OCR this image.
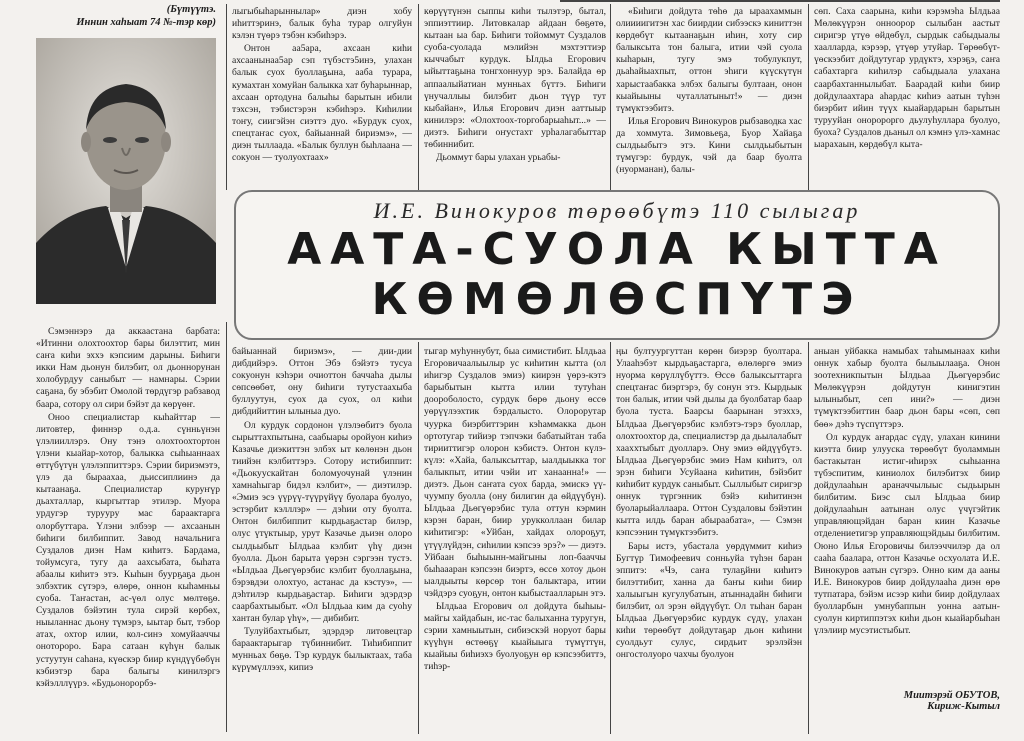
(Бүтүүтэ.
Иннин хаһыат 74 №-тэр көр)

лыгыбыһарыннылар» диэн хобу иһиттэринэ, балык буһа турар олгуйун кэлэн түөрэ тэбэн кэбиһэрэ.

Онтон аа5ара, ахсаан киһи ахсаанынаа5ар сэп түбэстэ5инэ, улахан балык суох буоллаҕына, ааба турара, кумахтан хомуйан балыкка хат буһарыннар, ахсаан ортодуна балыһы барытын ибили тэхсэн, тэбистэрэн кэбиһэрэ. Киһилии тоҥу, сиигэйэн сиэттэ дуо. «Бурдук суох, спецтаҥас суох, байыаннай бириэмэ», — диэн тыллаада. «Балык буллун быһлаана — сокуон — туолуохтаах»

көрүүтүнэн сыппы киһи тылэтэр, бытал, эппиэттиир. Литовкалар айдаан бөҕөтө, кытаан ыа бар. Биһиги тойоммут Суздалов суоба-суолада мэлийэн мэхтэттиэр кыччабыт курдук. Ылдьа Егорович ыйыттаҕына тонгхоннуур эрэ. Балайда өр аппаалыйатиан мунньах бүттэ. Биһиги үнучаллыы билэбит дьон түүр тут кыбайан», Илья Егорович диэн ааттыыр кинилэрэ: «Олохтоох-торгобарыаһыт...» — диэтэ. Биһиги оҥустахт урһалагабыттар төбиннибит.

Дьоммут бары улахан урьабы-

«Биһиги дойдута төһө да ыраахаммын олиииигитэн хас биирдии сибээскэ киниттэн көрдөбүт кытаанаҕын иһин, хоту сир балыксыта тон балыга, итии чэй суола кыһарын, тугу эмэ тобулукпут, дьаһайыахпыт, оттон эһиги күүскүтүн харыстаабакка элбэх балыгы бултаан, онон кыайыыны чуталлатыныт!» — диэн түмүктээбитэ.

Илья Егорович Винокуров рыбзаводка хас да хоммута. Зимовьеҕа, Буор Хайаҕа сылдьыбытэ этэ. Кини сылдьыбытын түмүгэр: бурдук, чэй да баар буолта (нуорманан), балы-

сөп. Саха саарына, киһи кэрэмэһа Ылдьаа Мөлөкүүрэн онноорор сылыбан аастыт сиригэр үтүө өйдөбүл, сырдык сабыдыалы хаалларда, кэрээр, үтүөр утуйар. Төрөөбүт-үөскээбит дойдутугар урдүктэ, хэрэҕэ, саҥа сабахтарга киһилэр сабыдыала улахана саарбахтаннылыбат. Баарадай киһи биир дойдулаахтара аһардас киһиэ аатын түһэн биэрбит ийин түүх кыайардарын барытын турууйан оноророрго дьулуһуллара буолуо, буоха? Суздалов дьаныл ол кэмнэ үлэ-хамнас ыарахаын, көрдөбүл кыта-

И.Е. Винокуров төрөөбүтэ 110 сылыгар
ААТА-СУОЛА КЫТТА
КӨМӨЛӨСПҮТЭ

Сэмэннэрэ да аккаастана барбата: «Итинни олохтоохтор бары билэттит, мин саҥа киһи эххэ кэпсиим дарыны. Биһиги икки Нам дьонун билэбит, ол дьоннорунан холобурдуу саныбыт — намнары. Сэрии саҕана, бу эбэбит Омолой төрдүгэр рабзавод баара, сотору ол сири бэйэт да көрүөҥ.

Оноо специалистар кыһайттар — литовтер, финнэр о.д.а. сүнньүнэн үлэлииллэрэ. Ону тэнэ олохтоохтортон үлэни кыайар-хотор, балыкка сыһыаннаах өттүбүтүн үлэлэппиттэрэ. Сэрии бириэмэтэ, үлэ да быраахаа, дьиссиплиинэ да кытаанаҕа. Специалистар куруҥүр дьахталлар, кыргыттар этилэр. Муора урдугэр турууру мас бараактарга олорбуттара. Үлэни элбээр — ахсаанын биһиги билбиппит. Завод начальнига Суздалов диэн Нам киһитэ. Бардама, тойумсуга, тугу да аахсыбата, быһата абаалы киһитэ этэ. Кыһын буурҕаҕа дьон элбэхтик сүтэрэ, өлөрө, оннон кыһамньы суоба. Таҥастан, ас-үөл олус мөлтөҕө. Суздалов бэйэтин тула сирэй көрбөх, ныыланнас дьону түмэрэ, ыытар быт, тэбор атах, охтор илии, кол-синэ хомуйааччы онотороро. Бара сатаан күһүн балык устуутун саһана, күөскэр биир күндүүбөбүн кэбиэтэр бара балыгы кинилэргэ кэйэлллүүрэ. «Будьонорорбэ-

байыаннай бириэмэ», — дии-дии дибдийэрэ. Оттон Эбэ бэйэтэ тусуа сокуонун кэһэри очиоттон баччаһа дылы сөпсөөбөт, ону биһиги тутустаахыба буллуутун, суох да суох, ол киһи дибдийиттин ылыныа дуо.

Ол курдук сордонон үлэлэөбитэ буола сырыттахпытына, саабыары оройуон киһиэ Казачье диэкиттэн элбэх ыт көлөнэн дьон тиийэн кэлбиттэрэ. Сотору истибиппит: «Дьокуускайтан боломуочунай үлэнин хамнаһыгар бидэл кэлбит», — диэтилэр. «Эмиэ эсэ үүрүү-түүрүйүү буолара буолуо, эстэрбит кэлллэр» — дэһии оту буолта. Онтон билбиппит кырдьаҕастар билэр, олус үтүктыыр, урут Казачье дьиэн олоро сылдьыбыт Ылдьаа кэлбит үһү диэн буолла. Дьон барыта үөрэн сэргээн тустэ. «Ылдьаа Дьөгүөрэбис кэлбит буоллаҕына, бэрэвдэи олохтуо, астанас да кэстуэ», — дэһтилэр кырдьаҕастар. Биһиги эдэрдэр саарбахтыыбыт. «Ол Ылдьаа ким да суоһу хантан булар үһү», — дибибит.

Тулуйбахтыбыт, эдэрдэр литовецтар бараактарыгар түбиннибит. Тиһибиппит мунньах бөҕө. Тэр курдук былыктаах, таба күрүмүллээх, кипиэ

тыгар муһуннубут, быа симистибит. Ылдьаа Егоровичаалыылыр ус киһитин кытта (ол иһигэр Суздалов эмиэ) киирэн үөрэ-кэтэ барыбытын кытта илии тутуһан доороболосто, сурдук бөрө дьону өссө уөрүүлээхтик бэрдалысто. Олорорутар чуурка биэрбиттэрин кэһаммакка дьон ортотугар тийиэр тэпчэки бабатыйтан таба тирииттигэр олорон кэбистэ. Онтон күлэ-күлэ: «Хайа, балыксыттар, ыалдыыкка тог балыкпыт, итии чэйи ит ханаанна!» — диэтэ. Дьон саҥата суох барда, эмискэ үү-чуумпу буолла (ону билигин да өйдүүбүн). Ылдьаа Дьөгүөрэбис тула оттун кэрмин кэрэн баран, биир урукколлаан билар киһитигэр: «Уйбан, хайдах олороҕут, үтүүлүйдэн, сиһилии кэпсээ эрэ?» — диэтэ. Уйбаан быһыынн-майгыны лоп-бааччы быһаааран кэпсээн биэртэ, өссө хотоу дьон ыалдыыты көрсөр тон балыктара, итии чэйдэрэ суоҕун, онтон кыбыстаалларын этэ.

Ылдьаа Егорович ол дойдута быһыы-майгы хайдабын, ис-тас балыханна туругун, сэрии хамныытын, сибиэскэй норуот бары күүһүн өстөөҕү кыайыыга түмүттүн, кыайыы биһиэхэ буолуоҕун өр кэпсээбиттэ, тиһэр-

ңы бултуургуттан көрөн биэрэр буолтара. Улааһэбэт кырдьаҕастарга, өлөлөргө эмиэ нуорма көрүллүбүттэ. Өссө балыксыттарга спецтаҥас биэртэрэ, бу сонун этэ. Кырдьык тон балык, итии чэй дылы да буолбатар баар буола туста. Баарсы баарынан этэххэ, Ылдьаа Дьөгүөрэбис кэлбэтэ-тэрэ буоллар, олохтоохтор да, специалистэр да дьылалабыт хааххтыбыт дуолларэ. Ону эмиэ өйдүүбүтэ. Ылдьаа Дьөгүөрэбис эмиэ Нам киһитэ, ол эрэн биһиги Усуйаана киһитин, бэйэбит киһибит курдук саныбыт. Сыллыбыт сиригэр оннук түргэнник бэйэ киһитинэн буоларыйаллаара. Оттон Суздаловы бэйэтин кытта илдь баран абыраабата», — Сэмэн кэпсээнин түмүктээбитэ.

Бары истэ, убастала уөрдүммит киһиэ Бугтүр Тимофеевич сонньуйа түһэн баран эппитэ: «Чэ, саҥа тулаҕйни киһитэ билэттибит, ханна да баҥы киһи биир халыыгын кугулубатын, атыннадайн биһиги билэбит, ол эрэн өйдүүбүт. Ол тыһан баран Ылдьаа Дьөгүөрэбис курдук сүдү, улахан киһи төрөөбүт дойдутаҕар дьон киһини суолдьут сулус, сирдьит эрэлэйэн онгостолуоро чахчы буолуон

аныан уйбакка намыбах таһымынаах киһи оннук хабыр буолта былыылааҕа. Онон зоотехникпытын Ылдьаа Дьөгүөрэбис Мөлөкүүрэн дойдутун кинигэтин ылыныбыт, сеп ини?» — диэн түмүктээбиттин баар дьон бары «сөп, сөп бөө» дэһэ түспүттэрэ.

Ол курдук аҥардас сүдү, улахан кинини киэтта биир улууска төрөөбүт буоламмын бастакытан истиг-иһирэх сыһыанна түбэспитим, киниолох билэбитэх биир дойдулааһын араначчылыыс сыдьырын билбитим. Биэс сыл Ылдьаа биир дойдулааһын аатынан олус үчүгэйтик управляющэйдан баран киин Казачье отделениетигэр управляющэйдыы билбитим. Оюно Илья Егоровичы билээччилэр да ол сааһа баалара, оттон Казачье осхуолата И.Е. Винокуров аатын сүгэрэ. Онно ким да ааны И.Е. Винокуров биир дойдулааһа диэн өрө тутпатара, бэйэм исээр киһи биир дойдулаах буолларбын умнубаппын уонна аатын-суолун киртиппэтэх киһи дьон кыайарбыһан үлэлиир мусэтистыбыт.

Миитэрэй ОБУТОВ,
Кириж-Кытыл
